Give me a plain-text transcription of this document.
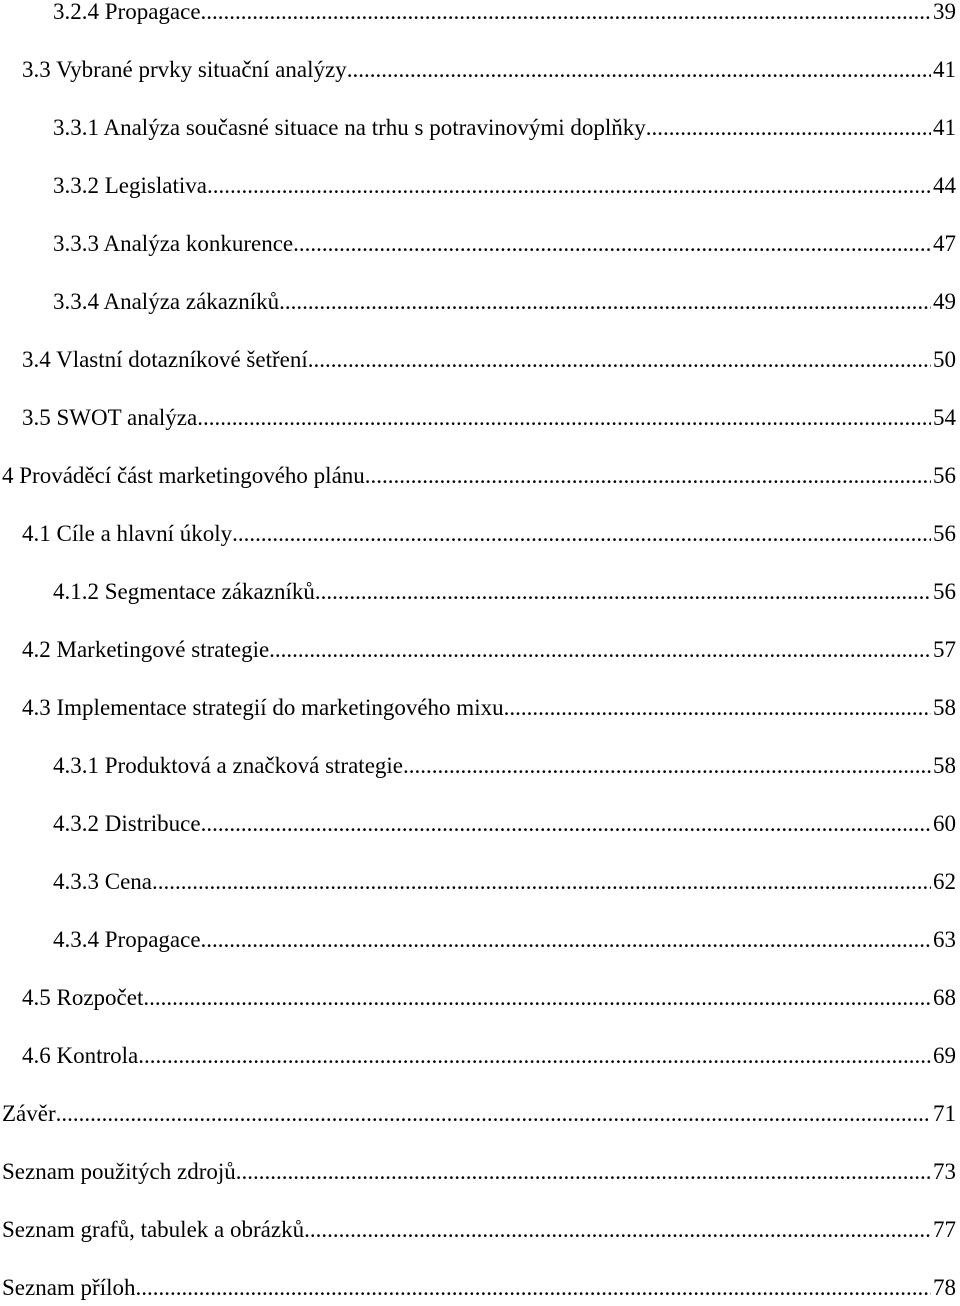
3.2.4 Propagace .....	39
3.3 Vybrané prvky situační analýzy .....	41
3.3.1 Analýza současné situace na trhu s potravinovými doplňky .....	41
3.3.2 Legislativa .....	44
3.3.3 Analýza konkurence .....	47
3.3.4 Analýza zákazníků .....	49
3.4 Vlastní dotazníkové šetření .....	50
3.5 SWOT analýza .....	54
4 Prováděcí část marketingového plánu .....	56
4.1 Cíle a hlavní úkoly .....	56
4.1.2 Segmentace zákazníků .....	56
4.2 Marketingové strategie .....	57
4.3 Implementace strategií do marketingového mixu .....	58
4.3.1 Produktová a značková strategie .....	58
4.3.2 Distribuce .....	60
4.3.3 Cena .....	62
4.3.4 Propagace .....	63
4.5 Rozpočet .....	68
4.6 Kontrola .....	69
Závěr .....	71
Seznam použitých zdrojů .....	73
Seznam grafů, tabulek a obrázků .....	77
Seznam příloh .....	78
